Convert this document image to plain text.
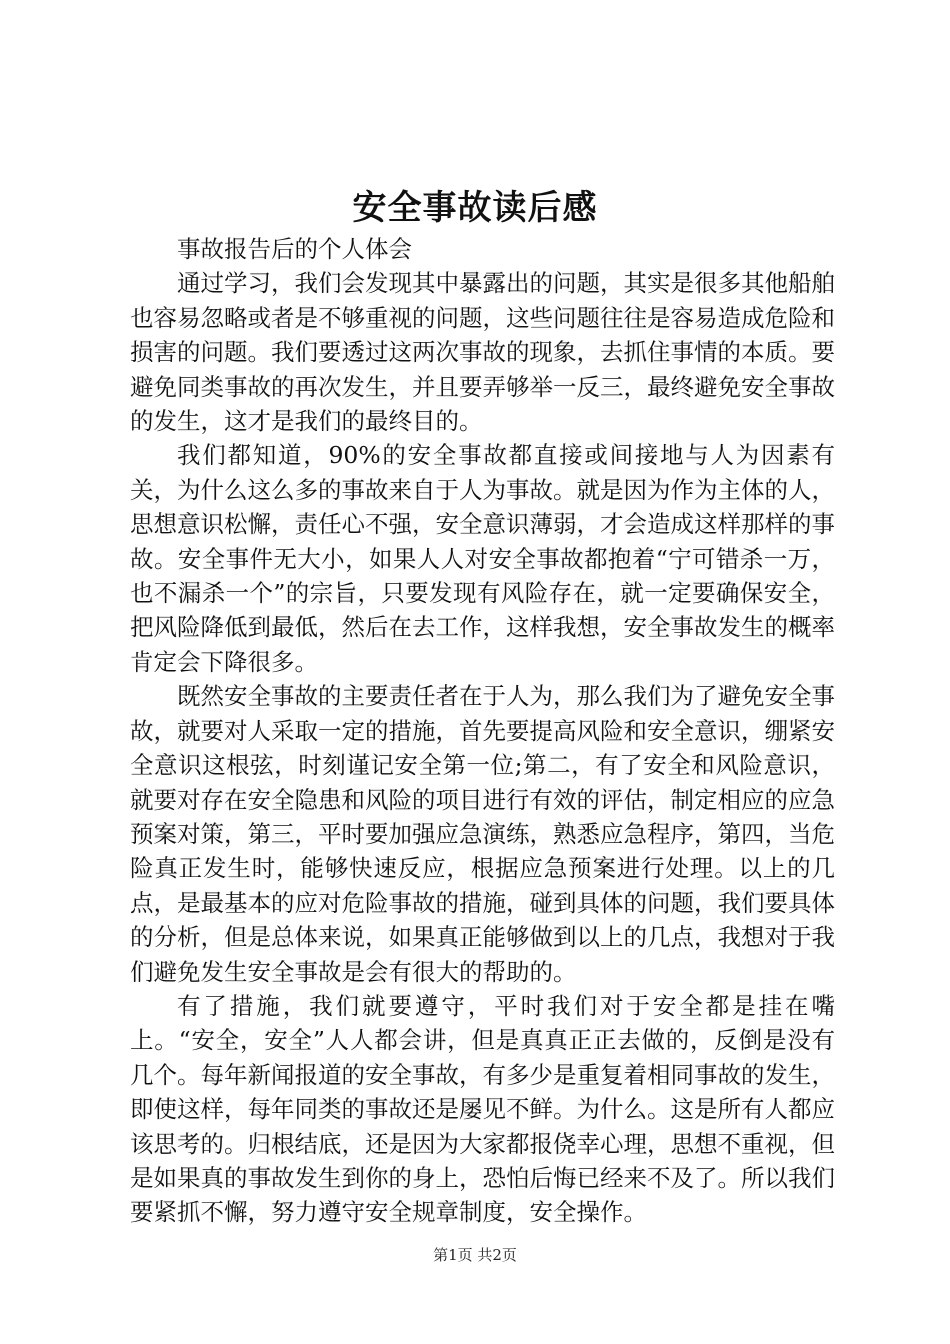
安全事故读后感

事故报告后的个人体会

通过学习，我们会发现其中暴露出的问题，其实是很多其他船舶也容易忽略或者是不够重视的问题，这些问题往往是容易造成危险和损害的问题。我们要透过这两次事故的现象，去抓住事情的本质。要避免同类事故的再次发生，并且要弄够举一反三，最终避免安全事故的发生，这才是我们的最终目的。

我们都知道，90%的安全事故都直接或间接地与人为因素有关，为什么这么多的事故来自于人为事故。就是因为作为主体的人，思想意识松懈，责任心不强，安全意识薄弱，才会造成这样那样的事故。安全事件无大小，如果人人对安全事故都抱着“宁可错杀一万，也不漏杀一个”的宗旨，只要发现有风险存在，就一定要确保安全，把风险降低到最低，然后在去工作，这样我想，安全事故发生的概率肯定会下降很多。

既然安全事故的主要责任者在于人为，那么我们为了避免安全事故，就要对人采取一定的措施，首先要提高风险和安全意识，绷紧安全意识这根弦，时刻谨记安全第一位;第二，有了安全和风险意识，就要对存在安全隐患和风险的项目进行有效的评估，制定相应的应急预案对策，第三，平时要加强应急演练，熟悉应急程序，第四，当危险真正发生时，能够快速反应，根据应急预案进行处理。以上的几点，是最基本的应对危险事故的措施，碰到具体的问题，我们要具体的分析，但是总体来说，如果真正能够做到以上的几点，我想对于我们避免发生安全事故是会有很大的帮助的。

有了措施，我们就要遵守，平时我们对于安全都是挂在嘴上。“安全，安全”人人都会讲，但是真真正正去做的，反倒是没有几个。每年新闻报道的安全事故，有多少是重复着相同事故的发生，即使这样，每年同类的事故还是屡见不鲜。为什么。这是所有人都应该思考的。归根结底，还是因为大家都报侥幸心理，思想不重视，但是如果真的事故发生到你的身上，恐怕后悔已经来不及了。所以我们要紧抓不懈，努力遵守安全规章制度，安全操作。

第1页 共2页
